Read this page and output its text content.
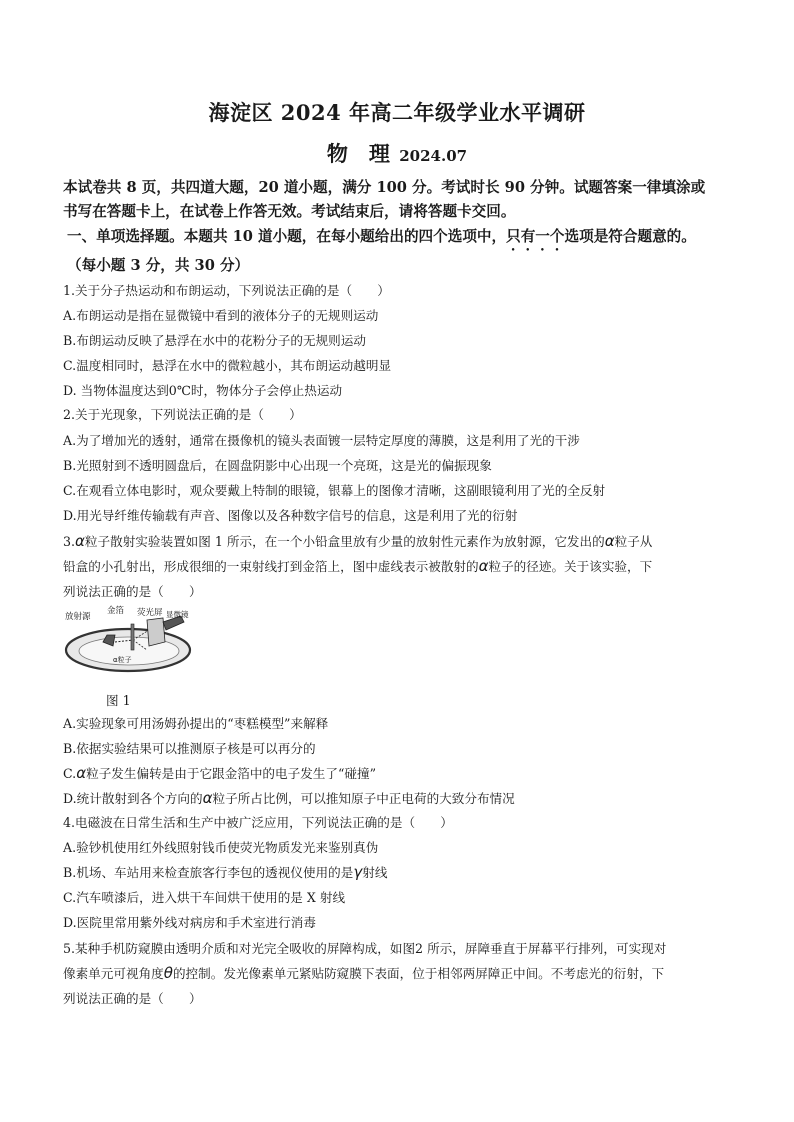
海淀区 2024 年高二年级学业水平调研
物　理 2024.07
本试卷共 8 页，共四道大题，20 道小题，满分 100 分。考试时长 90 分钟。试题答案一律填涂或
书写在答题卡上，在试卷上作答无效。考试结束后，请将答题卡交回。
一、单项选择题。本题共 10 道小题，在每小题给出的四个选项中，只有一个选项是符合题意的。
（每小题 3 分，共 30 分）
1.关于分子热运动和布朗运动，下列说法正确的是（　　）
A.布朗运动是指在显微镜中看到的液体分子的无规则运动
B.布朗运动反映了悬浮在水中的花粉分子的无规则运动
C.温度相同时，悬浮在水中的微粒越小，其布朗运动越明显
D. 当物体温度达到0℃时，物体分子会停止热运动
2.关于光现象，下列说法正确的是（　　）
A.为了增加光的透射，通常在摄像机的镜头表面镀一层特定厚度的薄膜，这是利用了光的干涉
B.光照射到不透明圆盘后，在圆盘阴影中心出现一个亮斑，这是光的偏振现象
C.在观看立体电影时，观众要戴上特制的眼镜，银幕上的图像才清晰，这副眼镜利用了光的全反射
D.用光导纤维传输载有声音、图像以及各种数字信号的信息，这是利用了光的衍射
3.α粒子散射实验装置如图 1 所示，在一个小铅盒里放有少量的放射性元素作为放射源，它发出的α粒子从
铅盒的小孔射出，形成很细的一束射线打到金箔上，图中虚线表示被散射的α粒子的径迹。关于该实验，下
列说法正确的是（　　）
放射源
金箔 荧光屏 显微镜
α粒子
图 1
A.实验现象可用汤姆孙提出的“枣糕模型”来解释
B.依据实验结果可以推测原子核是可以再分的
C.α粒子发生偏转是由于它跟金箔中的电子发生了“碰撞”
D.统计散射到各个方向的α粒子所占比例，可以推知原子中正电荷的大致分布情况
4.电磁波在日常生活和生产中被广泛应用，下列说法正确的是（　　）
A.验钞机使用红外线照射钱币使荧光物质发光来鉴别真伪
B.机场、车站用来检查旅客行李包的透视仪使用的是γ射线
C.汽车喷漆后，进入烘干车间烘干使用的是 X 射线
D.医院里常用紫外线对病房和手术室进行消毒
5.某种手机防窥膜由透明介质和对光完全吸收的屏障构成，如图2 所示，屏障垂直于屏幕平行排列，可实现对
像素单元可视角度θ的控制。发光像素单元紧贴防窥膜下表面，位于相邻两屏障正中间。不考虑光的衍射，下
列说法正确的是（　　）
